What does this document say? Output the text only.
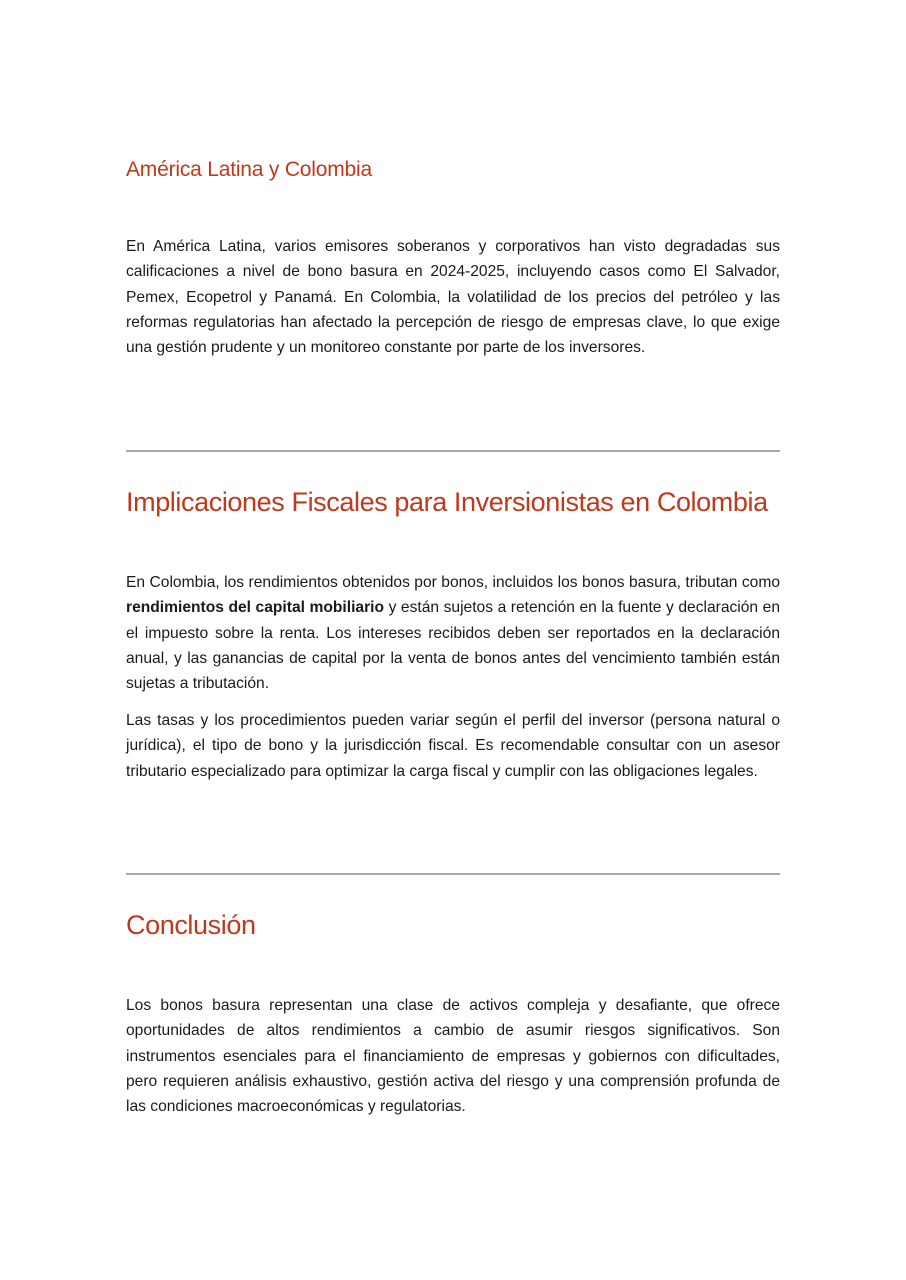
América Latina y Colombia

En América Latina, varios emisores soberanos y corporativos han visto degradadas sus calificaciones a nivel de bono basura en 2024-2025, incluyendo casos como El Salvador, Pemex, Ecopetrol y Panamá. En Colombia, la volatilidad de los precios del petróleo y las reformas regulatorias han afectado la percepción de riesgo de empresas clave, lo que exige una gestión prudente y un monitoreo constante por parte de los inversores.

Implicaciones Fiscales para Inversionistas en Colombia

En Colombia, los rendimientos obtenidos por bonos, incluidos los bonos basura, tributan como rendimientos del capital mobiliario y están sujetos a retención en la fuente y declaración en el impuesto sobre la renta. Los intereses recibidos deben ser reportados en la declaración anual, y las ganancias de capital por la venta de bonos antes del vencimiento también están sujetas a tributación.

Las tasas y los procedimientos pueden variar según el perfil del inversor (persona natural o jurídica), el tipo de bono y la jurisdicción fiscal. Es recomendable consultar con un asesor tributario especializado para optimizar la carga fiscal y cumplir con las obligaciones legales.

Conclusión

Los bonos basura representan una clase de activos compleja y desafiante, que ofrece oportunidades de altos rendimientos a cambio de asumir riesgos significativos. Son instrumentos esenciales para el financiamiento de empresas y gobiernos con dificultades, pero requieren análisis exhaustivo, gestión activa del riesgo y una comprensión profunda de las condiciones macroeconómicas y regulatorias.
